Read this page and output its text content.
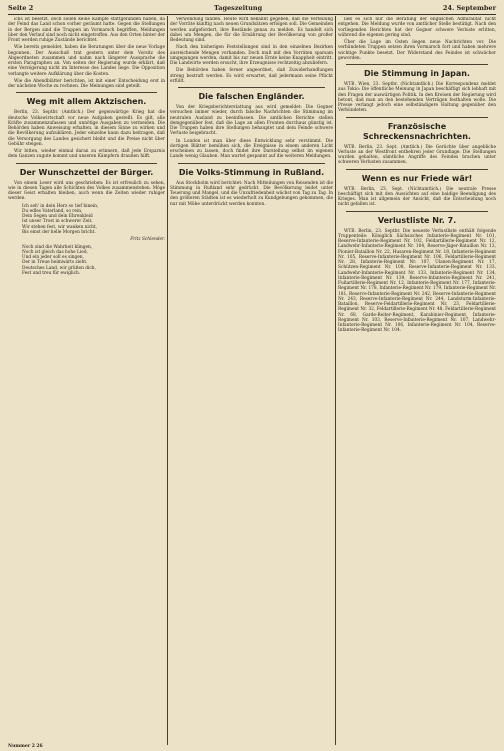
Seite 2	Tageszeitung	24. September

ichs ist besetzt, doch sollen keine Kämpfe stattgefunden haben, da der Feind das Land schon vorher geräumt hatte. Gegen die Stellungen in der Bergen sind die Truppen im Vormarsch begriffen, Meldungen über den Verlauf sind noch nicht eingetroffen. Aus den Orten hinter der Front werden ruhige Zustände berichtet.

Wie bereits gemeldet, haben die Beratungen über die neue Vorlage begonnen. Der Ausschuß trat gestern unter dem Vorsitz des Abgeordneten zusammen und nahm nach längerer Aussprache die ersten Paragraphen an. Von seiten der Regierung wurde erklärt, daß eine Verzögerung nicht im Interesse des Landes liege. Die Opposition verlangte weitere Aufklärung über die Kosten.

Wie die Abendblätter berichten, ist mit einer Entscheidung erst in der nächsten Woche zu rechnen. Die Meinungen sind geteilt.

Weg mit allem Aktzischen.

Berlin, 23. Septbr. (Amtlich.) Der gegenwärtige Krieg hat die deutsche Volkswirtschaft vor neue Aufgaben gestellt. Es gilt, alle Kräfte zusammenzufassen und unnötige Ausgaben zu vermeiden. Die Behörden haben Anweisung erhalten, in diesem Sinne zu wirken und die Bevölkerung aufzuklären. Jeder einzelne kann dazu beitragen, daß die Versorgung des Landes gesichert bleibt und die Preise nicht über Gebühr steigen.

Wir bitten, wieder einmal daran zu erinnern, daß jede Ersparnis dem Ganzen zugute kommt und unseren Kämpfern draußen hilft.

Der Wunschzettel der Bürger.

Von einem Leser wird uns geschrieben: Es ist erfreulich zu sehen, wie in diesen Tagen alle Schichten des Volkes zusammenstehen. Möge dieser Geist erhalten bleiben, auch wenn die Zeiten wieder ruhiger werden.

Ich seh' in dein Herz so tief hinein,
Du edles Vaterland, so rein,
Dein Segen und dein Ehrenkleid
Ist unser Trost in schwerer Zeit.
Wir stehen fest, wir wanken nicht,
Bis einst der helle Morgen bricht.
Fritz Schlender.
Noch sind die Wahrheit klingen,
Noch ist gleich das hohe Lied,
Und ein jeder soll es singen,
Der in Treue heimwärts zieht.
Deutsches Land, wir grüßen dich,
Fest und treu für ewiglich.

Verwendung fanden. Heute wird bekannt gegeben, daß die Verteilung der Vorräte künftig nach neuen Grundsätzen erfolgen soll. Die Gemeinden werden aufgefordert, ihre Bestände genau zu melden. Es handelt sich dabei um Mengen, die für die Ernährung der Bevölkerung von großer Bedeutung sind.

Nach den bisherigen Feststellungen sind in den einzelnen Bezirken ausreichende Mengen vorhanden. Doch muß mit den Vorräten sparsam umgegangen werden, damit bis zur neuen Ernte keine Knappheit eintritt. Die Landwirte werden ersucht, ihre Erzeugnisse rechtzeitig abzuliefern.

Die Behörden haben ferner angeordnet, daß Zuwiderhandlungen streng bestraft werden. Es wird erwartet, daß jedermann seine Pflicht erfüllt.

Die falschen Engländer.

Von der Kriegsberichterstattung aus wird gemeldet: Die Gegner versuchen immer wieder, durch falsche Nachrichten die Stimmung im neutralen Ausland zu beeinflussen. Die amtlichen Berichte stellen demgegenüber fest, daß die Lage an allen Fronten durchaus günstig ist. Die Truppen haben ihre Stellungen behauptet und dem Feinde schwere Verluste beigebracht.

In London ist man über diese Entwicklung sehr verstimmt. Die dortigen Blätter bemühen sich, die Ereignisse in einem anderen Licht erscheinen zu lassen, doch findet ihre Darstellung selbst im eigenen Lande wenig Glauben. Man wartet gespannt auf die weiteren Meldungen.

Die Volks-Stimmung in Rußland.

Aus Stockholm wird berichtet: Nach Mitteilungen von Reisenden ist die Stimmung in Rußland sehr gedrückt. Die Bevölkerung leidet unter Teuerung und Mangel, und die Unzufriedenheit wächst von Tag zu Tag. In den größeren Städten ist es wiederholt zu Kundgebungen gekommen, die nur mit Mühe unterdrückt werden konnten.

ließ es sich nur die Beratung der englischen Admiralität nicht entgehen. Die Meldung wurde von amtlicher Stelle bestätigt. Nach den vorliegenden Berichten hat der Gegner schwere Verluste erlitten, während die eigenen gering sind.

Über die Lage im Osten liegen neue Nachrichten vor. Die verbündeten Truppen setzen ihren Vormarsch fort und haben mehrere wichtige Punkte besetzt. Der Widerstand des Feindes ist schwächer geworden.

Die Stimmung in Japan.

WTB. Wien, 23. Septbr. (Nichtamtlich.) Die Korrespondenz meldet aus Tokio: Die öffentliche Meinung in Japan beschäftigt sich lebhaft mit den Fragen der auswärtigen Politik. In den Kreisen der Regierung wird betont, daß man an den bestehenden Verträgen festhalten wolle. Die Presse verlangt jedoch eine selbständigere Haltung gegenüber den Verbündeten.

Französische Schreckensnachrichten.

WTB. Berlin, 23. Sept. (Amtlich.) Die Gerüchte über angebliche Verluste an der Westfront entbehren jeder Grundlage. Die Stellungen wurden gehalten, sämtliche Angriffe des Feindes brachen unter schweren Verlusten zusammen.

Wenn es nur Friede wär!

WTB. Berlin, 23. Sept. (Nichtamtlich.) Die neutrale Presse beschäftigt sich mit den Aussichten auf eine baldige Beendigung des Krieges. Man ist allgemein der Ansicht, daß die Entscheidung noch nicht gefallen ist.

Verlustliste Nr. 7.

WTB. Berlin, 23. Septbr. Die neueste Verlustliste enthält folgende Truppenteile: Königlich Sächsisches Infanterie-Regiment Nr. 101, Reserve-Infanterie-Regiment Nr. 102, Feldartillerie-Regiment Nr. 12, Landwehr-Infanterie-Regiment Nr. 104, Reserve-Jäger-Bataillon Nr. 13, Pionier-Bataillon Nr. 22, Husaren-Regiment Nr. 18, Infanterie-Regiment Nr. 105, Reserve-Infanterie-Regiment Nr. 106, Feldartillerie-Regiment Nr. 28, Infanterie-Regiment Nr. 107, Ulanen-Regiment Nr. 17, Schützen-Regiment Nr. 108, Reserve-Infanterie-Regiment Nr. 133, Landwehr-Infanterie-Regiment Nr. 133, Infanterie-Regiment Nr. 134, Infanterie-Regiment Nr. 139, Reserve-Infanterie-Regiment Nr. 241, Fußartillerie-Regiment Nr. 12, Infanterie-Regiment Nr. 177, Infanterie-Regiment Nr. 178, Infanterie-Regiment Nr. 179, Infanterie-Regiment Nr. 181, Reserve-Infanterie-Regiment Nr. 242, Reserve-Infanterie-Regiment Nr. 243, Reserve-Infanterie-Regiment Nr. 244, Landsturm-Infanterie-Bataillon, Reserve-Feldartillerie-Regiment Nr. 23, Feldartillerie-Regiment Nr. 32, Feldartillerie-Regiment Nr. 48, Feldartillerie-Regiment Nr. 68, Garde-Reiter-Regiment, Karabinier-Regiment, Infanterie-Regiment Nr. 103, Reserve-Infanterie-Regiment Nr. 107, Landwehr-Infanterie-Regiment Nr. 106, Infanterie-Regiment Nr. 104, Reserve-Infanterie-Regiment Nr. 104.

Nummer 2 26
